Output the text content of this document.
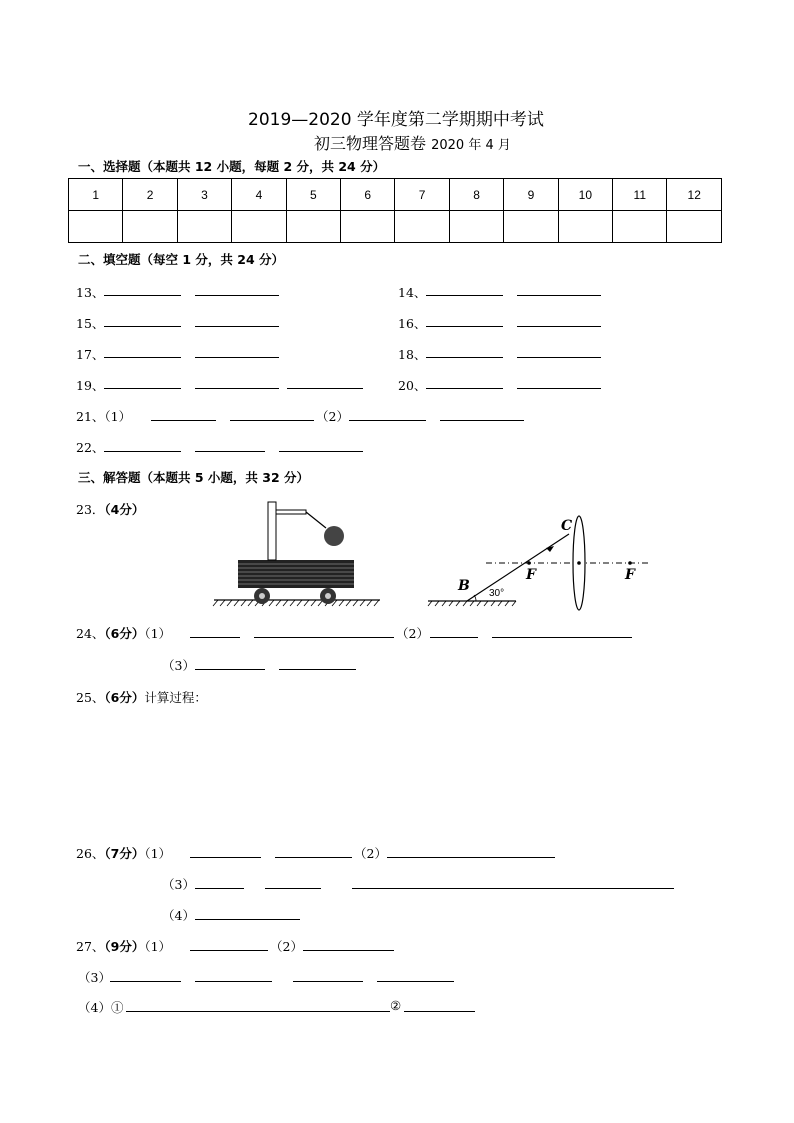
2019—2020 学年度第二学期期中考试
初三物理答题卷 2020 年 4 月
一、选择题（本题共 12 小题，每题 2 分，共 24 分）
1	2	3	4	5	6	7	8	9	10	11	12

二、填空题（每空 1 分，共 24 分）
13、	14、
15、	16、
17、	18、
19、	20、
21、（1）	（2）
22、
三、解答题（本题共 5 小题，共 32 分）
23．（4分）
C
B
F	F
30°
24、（6分）（1）	（2）
（3）
25、（6分）计算过程：
26、（7分）（1）	（2）
（3）
（4）
27、（9分）（1）	（2）
（3）
（4）①	②
